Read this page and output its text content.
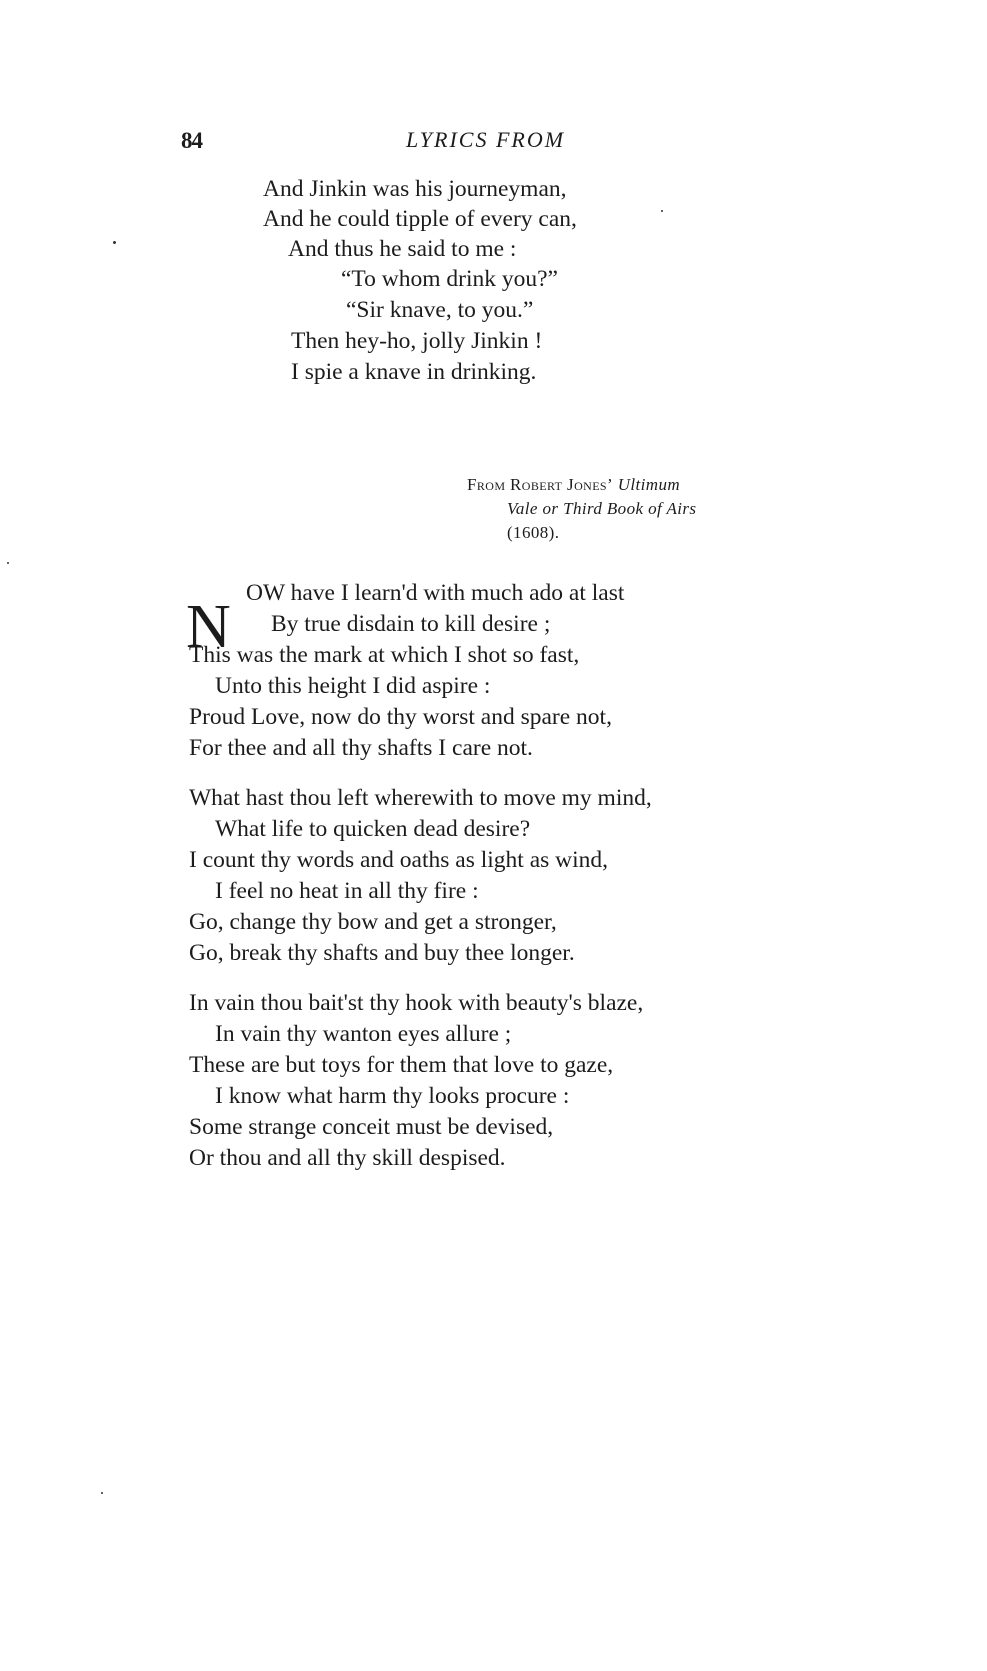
84	LYRICS FROM
And Jinkin was his journeyman,
And he could tipple of every can,
And thus he said to me :
“To whom drink you?”
“Sir knave, to you.”
Then hey-ho, jolly Jinkin !
I spie a knave in drinking.
From Robert Jones’ Ultimum
Vale or Third Book of Airs
(1608).
N OW have I learn'd with much ado at last
By true disdain to kill desire ;
This was the mark at which I shot so fast,
Unto this height I did aspire :
Proud Love, now do thy worst and spare not,
For thee and all thy shafts I care not.
What hast thou left wherewith to move my mind,
What life to quicken dead desire?
I count thy words and oaths as light as wind,
I feel no heat in all thy fire :
Go, change thy bow and get a stronger,
Go, break thy shafts and buy thee longer.
In vain thou bait'st thy hook with beauty's blaze,
In vain thy wanton eyes allure ;
These are but toys for them that love to gaze,
I know what harm thy looks procure :
Some strange conceit must be devised,
Or thou and all thy skill despised.
